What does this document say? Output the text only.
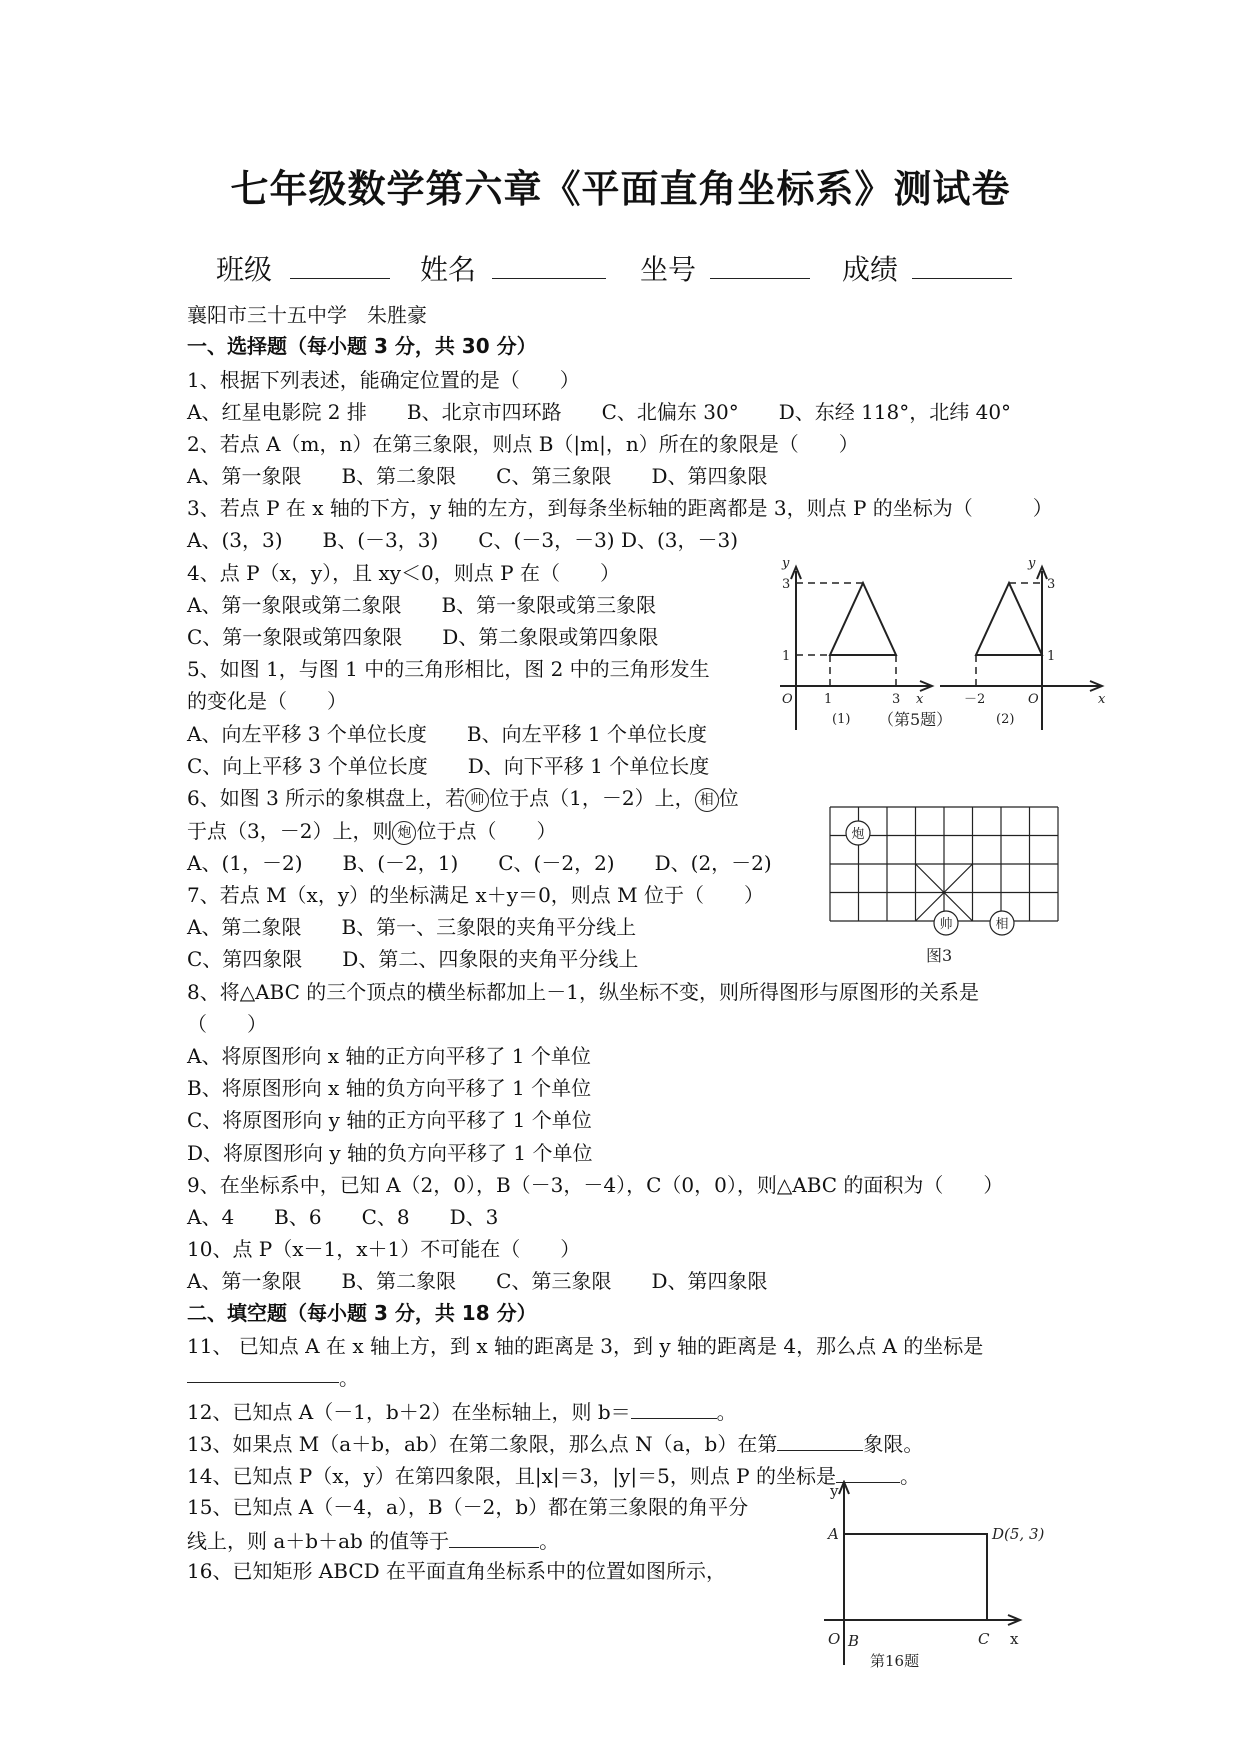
七年级数学第六章《平面直角坐标系》测试卷
班级	姓名	坐号	成绩
襄阳市三十五中学　朱胜豪
一、选择题（每小题 3 分，共 30 分）
1、根据下列表述，能确定位置的是（　　）
A、红星电影院 2 排　　B、北京市四环路　　C、北偏东 30°　　D、东经 118°，北纬 40°
2、若点 A（m，n）在第三象限，则点 B（|m|，n）所在的象限是（　　）
A、第一象限　　B、第二象限　　C、第三象限　　D、第四象限
3、若点 P 在 x 轴的下方，y 轴的左方，到每条坐标轴的距离都是 3，则点 P 的坐标为（　　　）
A、(3，3)　　B、(－3，3)　　C、(－3，－3) D、(3，－3)
4、点 P（x，y），且 xy＜0，则点 P 在（　　）
A、第一象限或第二象限　　B、第一象限或第三象限
C、第一象限或第四象限　　D、第二象限或第四象限
5、如图 1，与图 1 中的三角形相比，图 2 中的三角形发生
的变化是（　　）
A、向左平移 3 个单位长度　　B、向左平移 1 个单位长度
C、向上平移 3 个单位长度　　D、向下平移 1 个单位长度
6、如图 3 所示的象棋盘上，若 帅 位于点（1，－2）上， 相 位
于点（3，－2）上，则 炮 位于点（　　）
A、(1，－2)　　B、(－2，1)　　C、(－2，2)　　D、(2，－2)
7、若点 M（x，y）的坐标满足 x＋y＝0，则点 M 位于（　　）
A、第二象限　　B、第一、三象限的夹角平分线上
C、第四象限　　D、第二、四象限的夹角平分线上
8、将△ABC 的三个顶点的横坐标都加上－1，纵坐标不变，则所得图形与原图形的关系是
（　　）
A、将原图形向 x 轴的正方向平移了 1 个单位
B、将原图形向 x 轴的负方向平移了 1 个单位
C、将原图形向 y 轴的正方向平移了 1 个单位
D、将原图形向 y 轴的负方向平移了 1 个单位
9、在坐标系中，已知 A（2，0），B（－3，－4），C（0，0），则△ABC 的面积为（　　）
A、4　　B、6　　C、8　　D、3
10、点 P（x－1，x＋1）不可能在（　　）
A、第一象限　　B、第二象限　　C、第三象限　　D、第四象限
二、填空题（每小题 3 分，共 18 分）
11、 已知点 A 在 x 轴上方，到 x 轴的距离是 3，到 y 轴的距离是 4，那么点 A 的坐标是
。
12、已知点 A（－1，b＋2）在坐标轴上，则 b＝	。
13、如果点 M（a＋b，ab）在第二象限，那么点 N（a，b）在第	象限。
14、已知点 P（x，y）在第四象限，且|x|＝3，|y|＝5，则点 P 的坐标是	。
15、已知点 A（－4，a），B（－2，b）都在第三象限的角平分
线上，则 a＋b＋ab 的值等于	。
16、已知矩形 ABCD 在平面直角坐标系中的位置如图所示，
y
3
1
O 1	3 x
y
3
1
－2	O	x
(1)	(2)
（第5题）
炮
帅	相
图3
y
A	D(5, 3)
O B	C x
第16题
